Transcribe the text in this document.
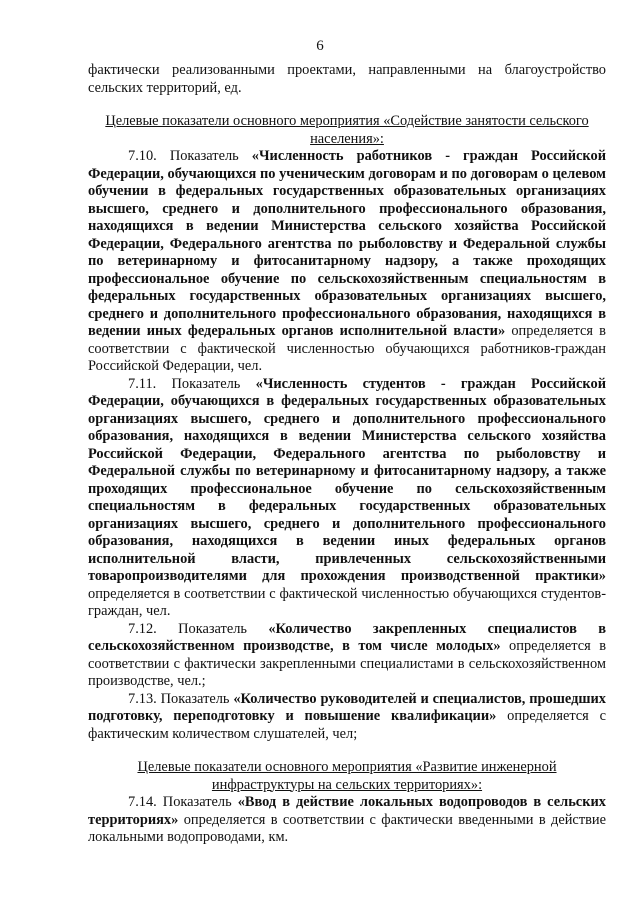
6

фактически реализованными проектами, направленными на благоустройство сельских территорий, ед.

Целевые показатели основного мероприятия «Содействие занятости сельского населения»:

7.10. Показатель «Численность работников - граждан Российской Федерации, обучающихся по ученическим договорам и по договорам о целевом обучении в федеральных государственных образовательных организациях высшего, среднего и дополнительного профессионального образования, находящихся в ведении Министерства сельского хозяйства Российской Федерации, Федерального агентства по рыболовству и Федеральной службы по ветеринарному и фитосанитарному надзору, а также проходящих профессиональное обучение по сельскохозяйственным специальностям в федеральных государственных образовательных организациях высшего, среднего и дополнительного профессионального образования, находящихся в ведении иных федеральных органов исполнительной власти» определяется в соответствии с фактической численностью обучающихся работников-граждан Российской Федерации, чел.

7.11. Показатель «Численность студентов - граждан Российской Федерации, обучающихся в федеральных государственных образовательных организациях высшего, среднего и дополнительного профессионального образования, находящихся в ведении Министерства сельского хозяйства Российской Федерации, Федерального агентства по рыболовству и Федеральной службы по ветеринарному и фитосанитарному надзору, а также проходящих профессиональное обучение по сельскохозяйственным специальностям в федеральных государственных образовательных организациях высшего, среднего и дополнительного профессионального образования, находящихся в ведении иных федеральных органов исполнительной власти, привлеченных сельскохозяйственными товаропроизводителями для прохождения производственной практики» определяется в соответствии с фактической численностью обучающихся студентов-граждан, чел.

7.12. Показатель «Количество закрепленных специалистов в сельскохозяйственном производстве, в том числе молодых» определяется в соответствии с фактически закрепленными специалистами в сельскохозяйственном производстве, чел.;

7.13. Показатель «Количество руководителей и специалистов, прошедших подготовку, переподготовку и повышение квалификации» определяется с фактическим количеством слушателей, чел;

Целевые показатели основного мероприятия «Развитие инженерной инфраструктуры на сельских территориях»:

7.14. Показатель «Ввод в действие локальных водопроводов в сельских территориях» определяется в соответствии с фактически введенными в действие локальными водопроводами, км.
